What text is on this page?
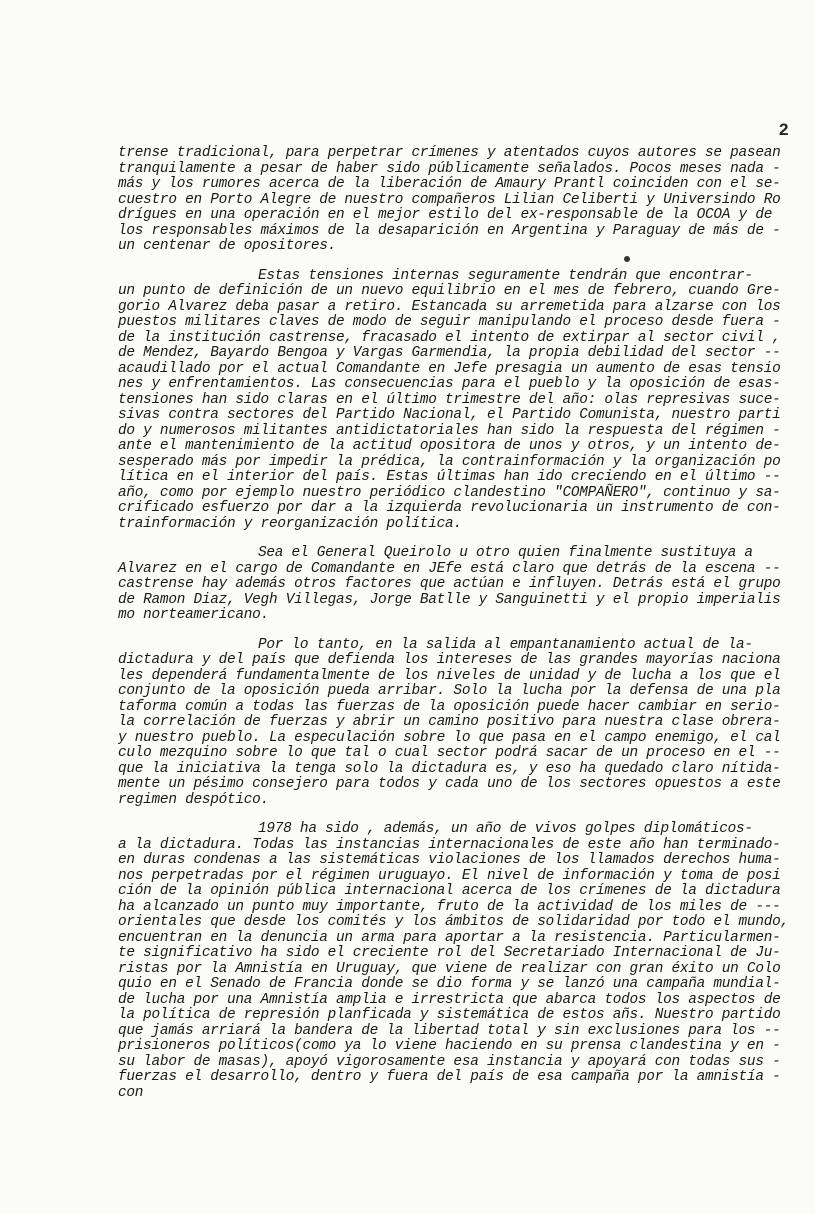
2
trense tradicional, para perpetrar crímenes y atentados cuyos autores se pasean
tranquilamente a pesar de haber sido públicamente señalados. Pocos meses nada -
más y los rumores acerca de la liberación de Amaury Prantl coinciden con el se-
cuestro en Porto Alegre de nuestro compañeros Lilian Celiberti y Universindo Ro
drígues en una operación en el mejor estilo del ex-responsable de la OCOA y de
los responsables máximos de la desaparición en Argentina y Paraguay de más de -
un centenar de opositores.
Estas tensiones internas seguramente tendrán que encontrar-
un punto de definición de un nuevo equilibrio en el mes de febrero, cuando Gre-
gorio Alvarez deba pasar a retiro. Estancada su arremetida para alzarse con los
puestos militares claves de modo de seguir manipulando el proceso desde fuera -
de la institución castrense, fracasado el intento de extirpar al sector civil ,
de Mendez, Bayardo Bengoa y Vargas Garmendia, la propia debilidad del sector --
acaudillado por el actual Comandante en Jefe presagia un aumento de esas tensio
nes y enfrentamientos. Las consecuencias para el pueblo y la oposición de esas-
tensiones han sido claras en el último trimestre del año: olas represivas suce-
sivas contra sectores del Partido Nacional, el Partido Comunista, nuestro parti
do y numerosos militantes antidictatoriales han sido la respuesta del régimen -
ante el mantenimiento de la actitud opositora de unos y otros, y un intento de-
sesperado más por impedir la prédica, la contrainformación y la organización po
lítica en el interior del país. Estas últimas han ido creciendo en el último --
año, como por ejemplo nuestro periódico clandestino "COMPAÑERO", continuo y sa-
crificado esfuerzo por dar a la izquierda revolucionaria un instrumento de con-
trainformación y reorganización política.
Sea el General Queirolo u otro quien finalmente sustituya a
Alvarez en el cargo de Comandante en JEfe está claro que detrás de la escena --
castrense hay además otros factores que actúan e influyen. Detrás está el grupo
de Ramon Diaz, Vegh Villegas, Jorge Batlle y Sanguinetti y el propio imperialis
mo norteamericano.
Por lo tanto, en la salida al empantanamiento actual de la-
dictadura y del país que defienda los intereses de las grandes mayorías naciona
les dependerá fundamentalmente de los niveles de unidad y de lucha a los que el
conjunto de la oposición pueda arribar. Solo la lucha por la defensa de una pla
taforma común a todas las fuerzas de la oposición puede hacer cambiar en serio-
la correlación de fuerzas y abrir un camino positivo para nuestra clase obrera-
y nuestro pueblo. La especulación sobre lo que pasa en el campo enemigo, el cal
culo mezquino sobre lo que tal o cual sector podrá sacar de un proceso en el --
que la iniciativa la tenga solo la dictadura es, y eso ha quedado claro nítida-
mente un pésimo consejero para todos y cada uno de los sectores opuestos a este
regimen despótico.
1978 ha sido , además, un año de vivos golpes diplomáticos-
a la dictadura. Todas las instancias internacionales de este año han terminado-
en duras condenas a las sistemáticas violaciones de los llamados derechos huma-
nos perpetradas por el régimen uruguayo. El nivel de información y toma de posi
ción de la opinión pública internacional acerca de los crímenes de la dictadura
ha alcanzado un punto muy importante, fruto de la actividad de los miles de ---
orientales que desde los comités y los ámbitos de solidaridad por todo el mundo,
encuentran en la denuncia un arma para aportar a la resistencia. Particularmen-
te significativo ha sido el creciente rol del Secretariado Internacional de Ju-
ristas por la Amnistía en Uruguay, que viene de realizar con gran éxito un Colo
quio en el Senado de Francia donde se dio forma y se lanzó una campaña mundial-
de lucha por una Amnistía amplia e irrestricta que abarca todos los aspectos de
la política de represión planficada y sistemática de estos añs. Nuestro partido
que jamás arriará la bandera de la libertad total y sin exclusiones para los --
prisioneros políticos(como ya lo viene haciendo en su prensa clandestina y en -
su labor de masas), apoyó vigorosamente esa instancia y apoyará con todas sus -
fuerzas el desarrollo, dentro y fuera del país de esa campaña por la amnistía -
con
